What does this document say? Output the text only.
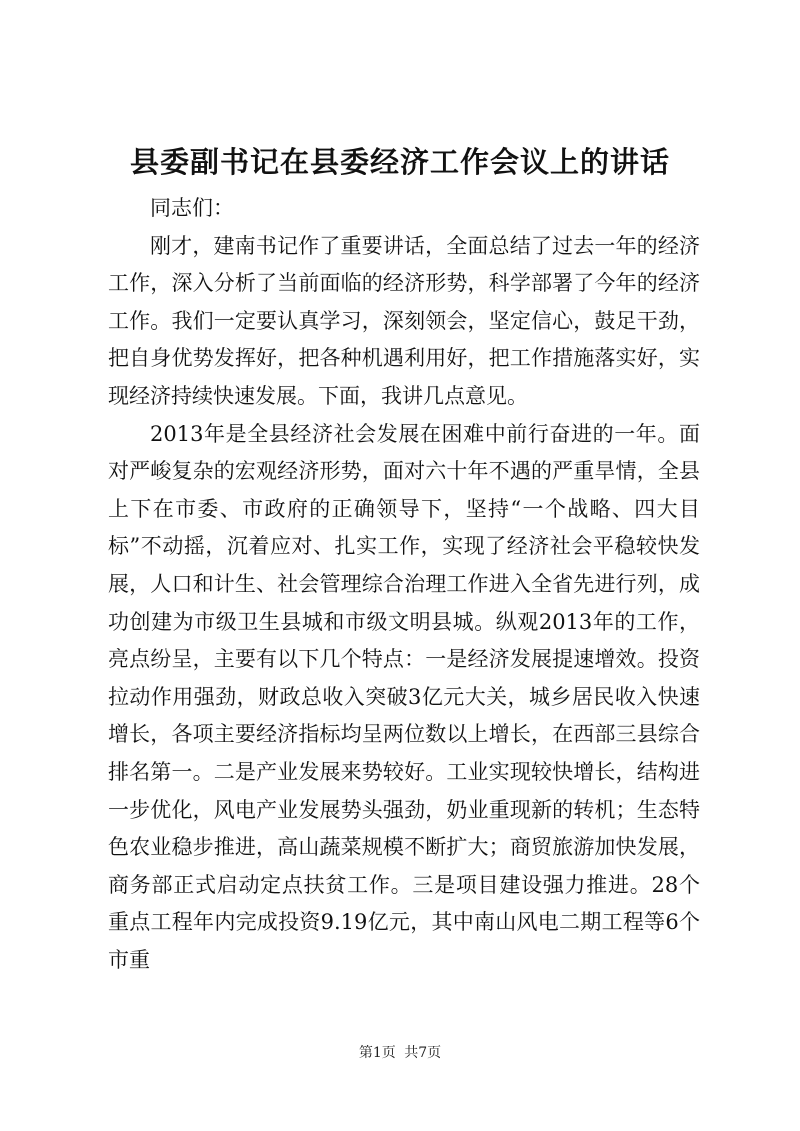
县委副书记在县委经济工作会议上的讲话

同志们：

刚才，建南书记作了重要讲话，全面总结了过去一年的经济工作，深入分析了当前面临的经济形势，科学部署了今年的经济工作。我们一定要认真学习，深刻领会，坚定信心，鼓足干劲，把自身优势发挥好，把各种机遇利用好，把工作措施落实好，实现经济持续快速发展。下面，我讲几点意见。

2013年是全县经济社会发展在困难中前行奋进的一年。面对严峻复杂的宏观经济形势，面对六十年不遇的严重旱情，全县上下在市委、市政府的正确领导下，坚持“一个战略、四大目标”不动摇，沉着应对、扎实工作，实现了经济社会平稳较快发展，人口和计生、社会管理综合治理工作进入全省先进行列，成功创建为市级卫生县城和市级文明县城。纵观2013年的工作，亮点纷呈，主要有以下几个特点：一是经济发展提速增效。投资拉动作用强劲，财政总收入突破3亿元大关，城乡居民收入快速增长，各项主要经济指标均呈两位数以上增长，在西部三县综合排名第一。二是产业发展来势较好。工业实现较快增长，结构进一步优化，风电产业发展势头强劲，奶业重现新的转机；生态特色农业稳步推进，高山蔬菜规模不断扩大；商贸旅游加快发展，商务部正式启动定点扶贫工作。三是项目建设强力推进。28个重点工程年内完成投资9.19亿元，其中南山风电二期工程等6个市重

第1页 共7页
